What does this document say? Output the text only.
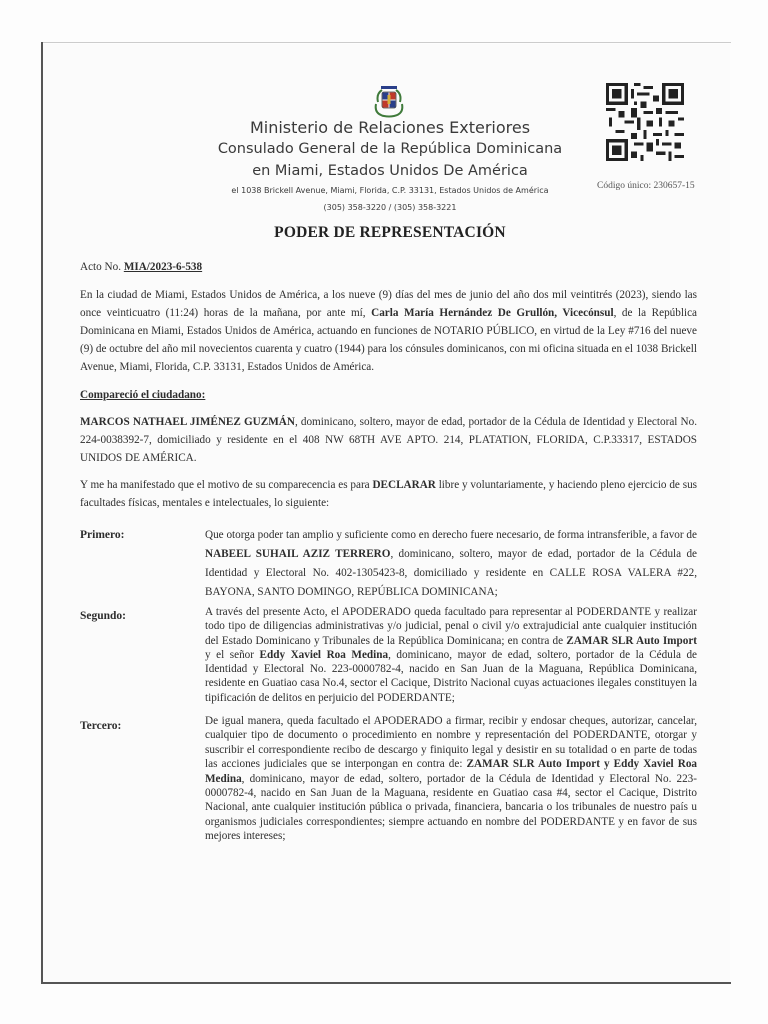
Ministerio de Relaciones Exteriores
Consulado General de la República Dominicana
en Miami, Estados Unidos De América
el 1038 Brickell Avenue, Miami, Florida, C.P. 33131, Estados Unidos de América
(305) 358-3220 / (305) 358-3221
Código único: 230657-15
PODER DE REPRESENTACIÓN
Acto No. MIA/2023-6-538
En la ciudad de Miami, Estados Unidos de América, a los nueve (9) días del mes de junio del año dos mil veintitrés (2023), siendo las once veinticuatro (11:24) horas de la mañana, por ante mí, Carla María Hernández De Grullón, Vicecónsul, de la República Dominicana en Miami, Estados Unidos de América, actuando en funciones de NOTARIO PÚBLICO, en virtud de la Ley #716 del nueve (9) de octubre del año mil novecientos cuarenta y cuatro (1944) para los cónsules dominicanos, con mi oficina situada en el 1038 Brickell Avenue, Miami, Florida, C.P. 33131, Estados Unidos de América.
Compareció el ciudadano:
MARCOS NATHAEL JIMÉNEZ GUZMÁN, dominicano, soltero, mayor de edad, portador de la Cédula de Identidad y Electoral No. 224-0038392-7, domiciliado y residente en el 408 NW 68TH AVE APTO. 214, PLATATION, FLORIDA, C.P.33317, ESTADOS UNIDOS DE AMÉRICA.
Y me ha manifestado que el motivo de su comparecencia es para DECLARAR libre y voluntariamente, y haciendo pleno ejercicio de sus facultades físicas, mentales e intelectuales, lo siguiente:
Primero:	Que otorga poder tan amplio y suficiente como en derecho fuere necesario, de forma intransferible, a favor de NABEEL SUHAIL AZIZ TERRERO, dominicano, soltero, mayor de edad, portador de la Cédula de Identidad y Electoral No. 402-1305423-8, domiciliado y residente en CALLE ROSA VALERA #22, BAYONA, SANTO DOMINGO, REPÚBLICA DOMINICANA;
Segundo:	A través del presente Acto, el APODERADO queda facultado para representar al PODERDANTE y realizar todo tipo de diligencias administrativas y/o judicial, penal o civil y/o extrajudicial ante cualquier institución del Estado Dominicano y Tribunales de la República Dominicana; en contra de ZAMAR SLR Auto Import y el señor Eddy Xaviel Roa Medina, dominicano, mayor de edad, soltero, portador de la Cédula de Identidad y Electoral No. 223-0000782-4, nacido en San Juan de la Maguana, República Dominicana, residente en Guatiao casa No.4, sector el Cacique, Distrito Nacional cuyas actuaciones ilegales constituyen la tipificación de delitos en perjuicio del PODERDANTE;
Tercero:	De igual manera, queda facultado el APODERADO a firmar, recibir y endosar cheques, autorizar, cancelar, cualquier tipo de documento o procedimiento en nombre y representación del PODERDANTE, otorgar y suscribir el correspondiente recibo de descargo y finiquito legal y desistir en su totalidad o en parte de todas las acciones judiciales que se interpongan en contra de: ZAMAR SLR Auto Import y Eddy Xaviel Roa Medina, dominicano, mayor de edad, soltero, portador de la Cédula de Identidad y Electoral No. 223-0000782-4, nacido en San Juan de la Maguana, residente en Guatiao casa #4, sector el Cacique, Distrito Nacional, ante cualquier institución pública o privada, financiera, bancaria o los tribunales de nuestro país u organismos judiciales correspondientes; siempre actuando en nombre del PODERDANTE y en favor de sus mejores intereses;
